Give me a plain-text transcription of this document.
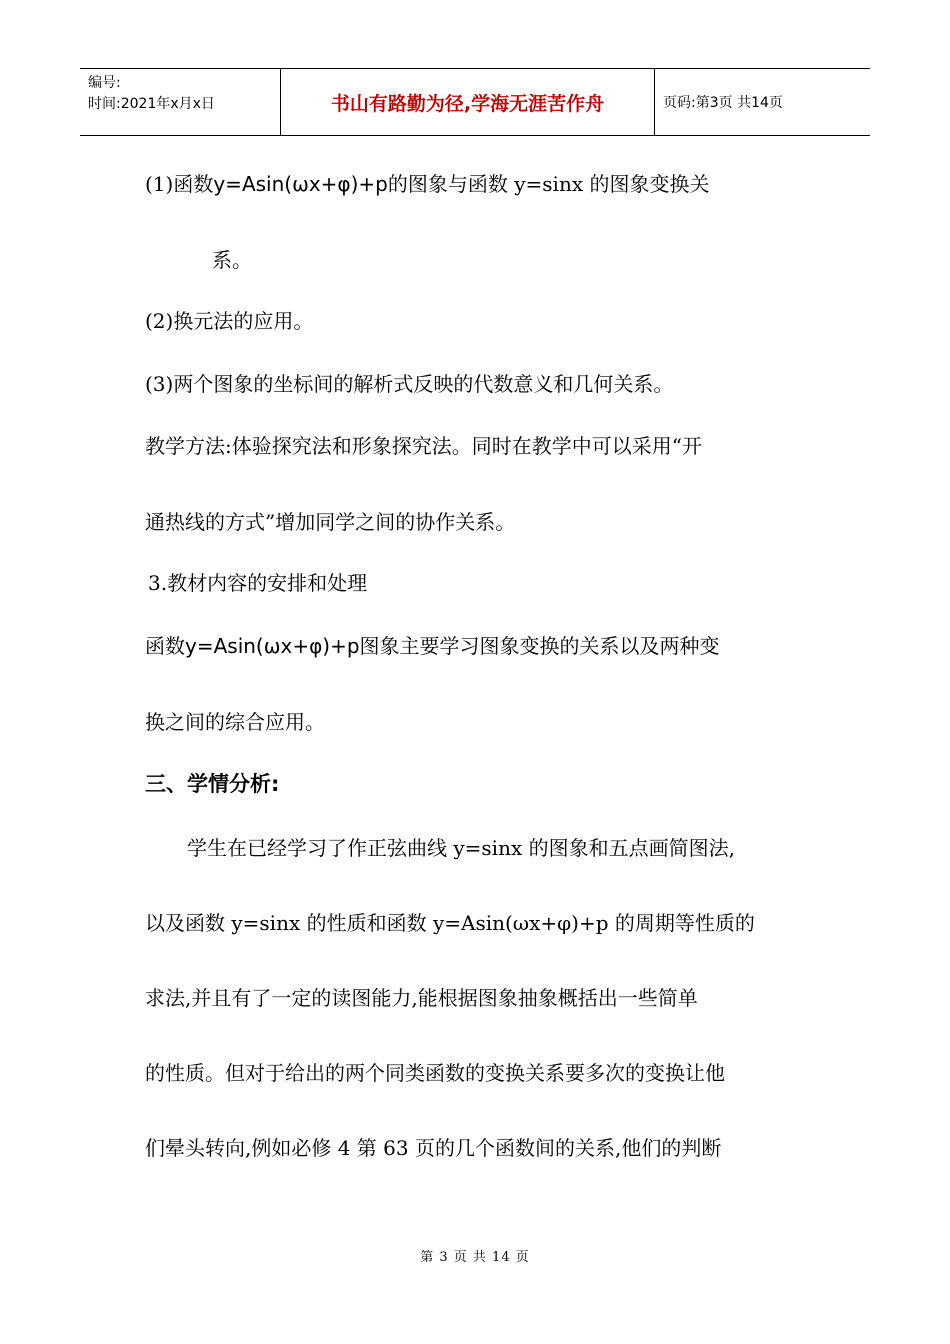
编号:
时间:2021年x月x日	书山有路勤为径,学海无涯苦作舟	页码:第3页 共14页
(1)函数y=Asin(ωx+φ)+p的图象与函数 y=sinx 的图象变换关
系。
(2)换元法的应用。
(3)两个图象的坐标间的解析式反映的代数意义和几何关系。
教学方法:体验探究法和形象探究法。同时在教学中可以采用“开
通热线的方式”增加同学之间的协作关系。
3.教材内容的安排和处理
函数y=Asin(ωx+φ)+p图象主要学习图象变换的关系以及两种变
换之间的综合应用。
三、学情分析:
学生在已经学习了作正弦曲线 y=sinx 的图象和五点画简图法,
以及函数 y=sinx 的性质和函数 y=Asin(ωx+φ)+p 的周期等性质的
求法,并且有了一定的读图能力,能根据图象抽象概括出一些简单
的性质。但对于给出的两个同类函数的变换关系要多次的变换让他
们晕头转向,例如必修 4 第 63 页的几个函数间的关系,他们的判断
第 3 页 共 14 页
